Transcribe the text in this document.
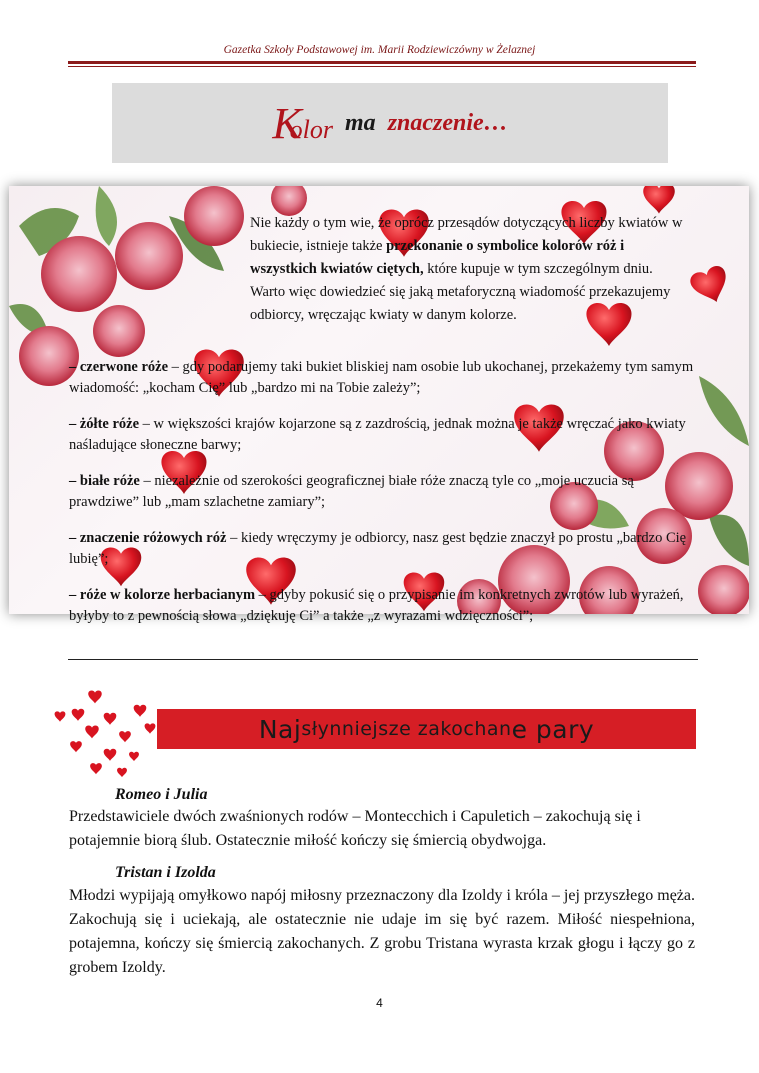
Gazetka Szkoły Podstawowej im. Marii Rodziewiczówny w Żelaznej
Kolor ma znaczenie…
Nie każdy o tym wie, że oprócz przesądów dotyczących liczby kwiatów w bukiecie, istnieje także przekonanie o symbolice kolorów róż i wszystkich kwiatów ciętych, które kupuje w tym szczególnym dniu. Warto więc dowiedzieć się jaką metaforyczną wiadomość przekazujemy odbiorcy, wręczając kwiaty w danym kolorze.
– czerwone róże – gdy podarujemy taki bukiet bliskiej nam osobie lub ukochanej, przekażemy tym samym wiadomość: „kocham Cię” lub „bardzo mi na Tobie zależy”;
– żółte róże – w większości krajów kojarzone są z zazdrością, jednak można je także wręczać jako kwiaty naśladujące słoneczne barwy;
– białe róże – niezależnie od szerokości geograficznej białe róże znaczą tyle co „moje uczucia są prawdziwe” lub „mam szlachetne zamiary”;
– znaczenie różowych róż – kiedy wręczymy je odbiorcy, nasz gest będzie znaczył po prostu „bardzo Cię lubię”;
– róże w kolorze herbacianym – gdyby pokusić się o przypisanie im konkretnych zwrotów lub wyrażeń, byłyby to z pewnością słowa „dziękuję Ci” a także „z wyrazami wdzięczności”;
Naj słyn niejsze zako chan e pary
Romeo i Julia
Przedstawiciele dwóch zwaśnionych rodów – Montecchich i Capuletich – zakochują się i potajemnie biorą ślub. Ostatecznie miłość kończy się śmiercią obydwojga.
Tristan i Izolda
Młodzi wypijają omyłkowo napój miłosny przeznaczony dla Izoldy i króla – jej przyszłego męża. Zakochują się i uciekają, ale ostatecznie nie udaje im się być razem. Miłość niespełniona, potajemna, kończy się śmiercią zakochanych. Z grobu Tristana wyrasta krzak głogu i łączy go z grobem Izoldy.
4
